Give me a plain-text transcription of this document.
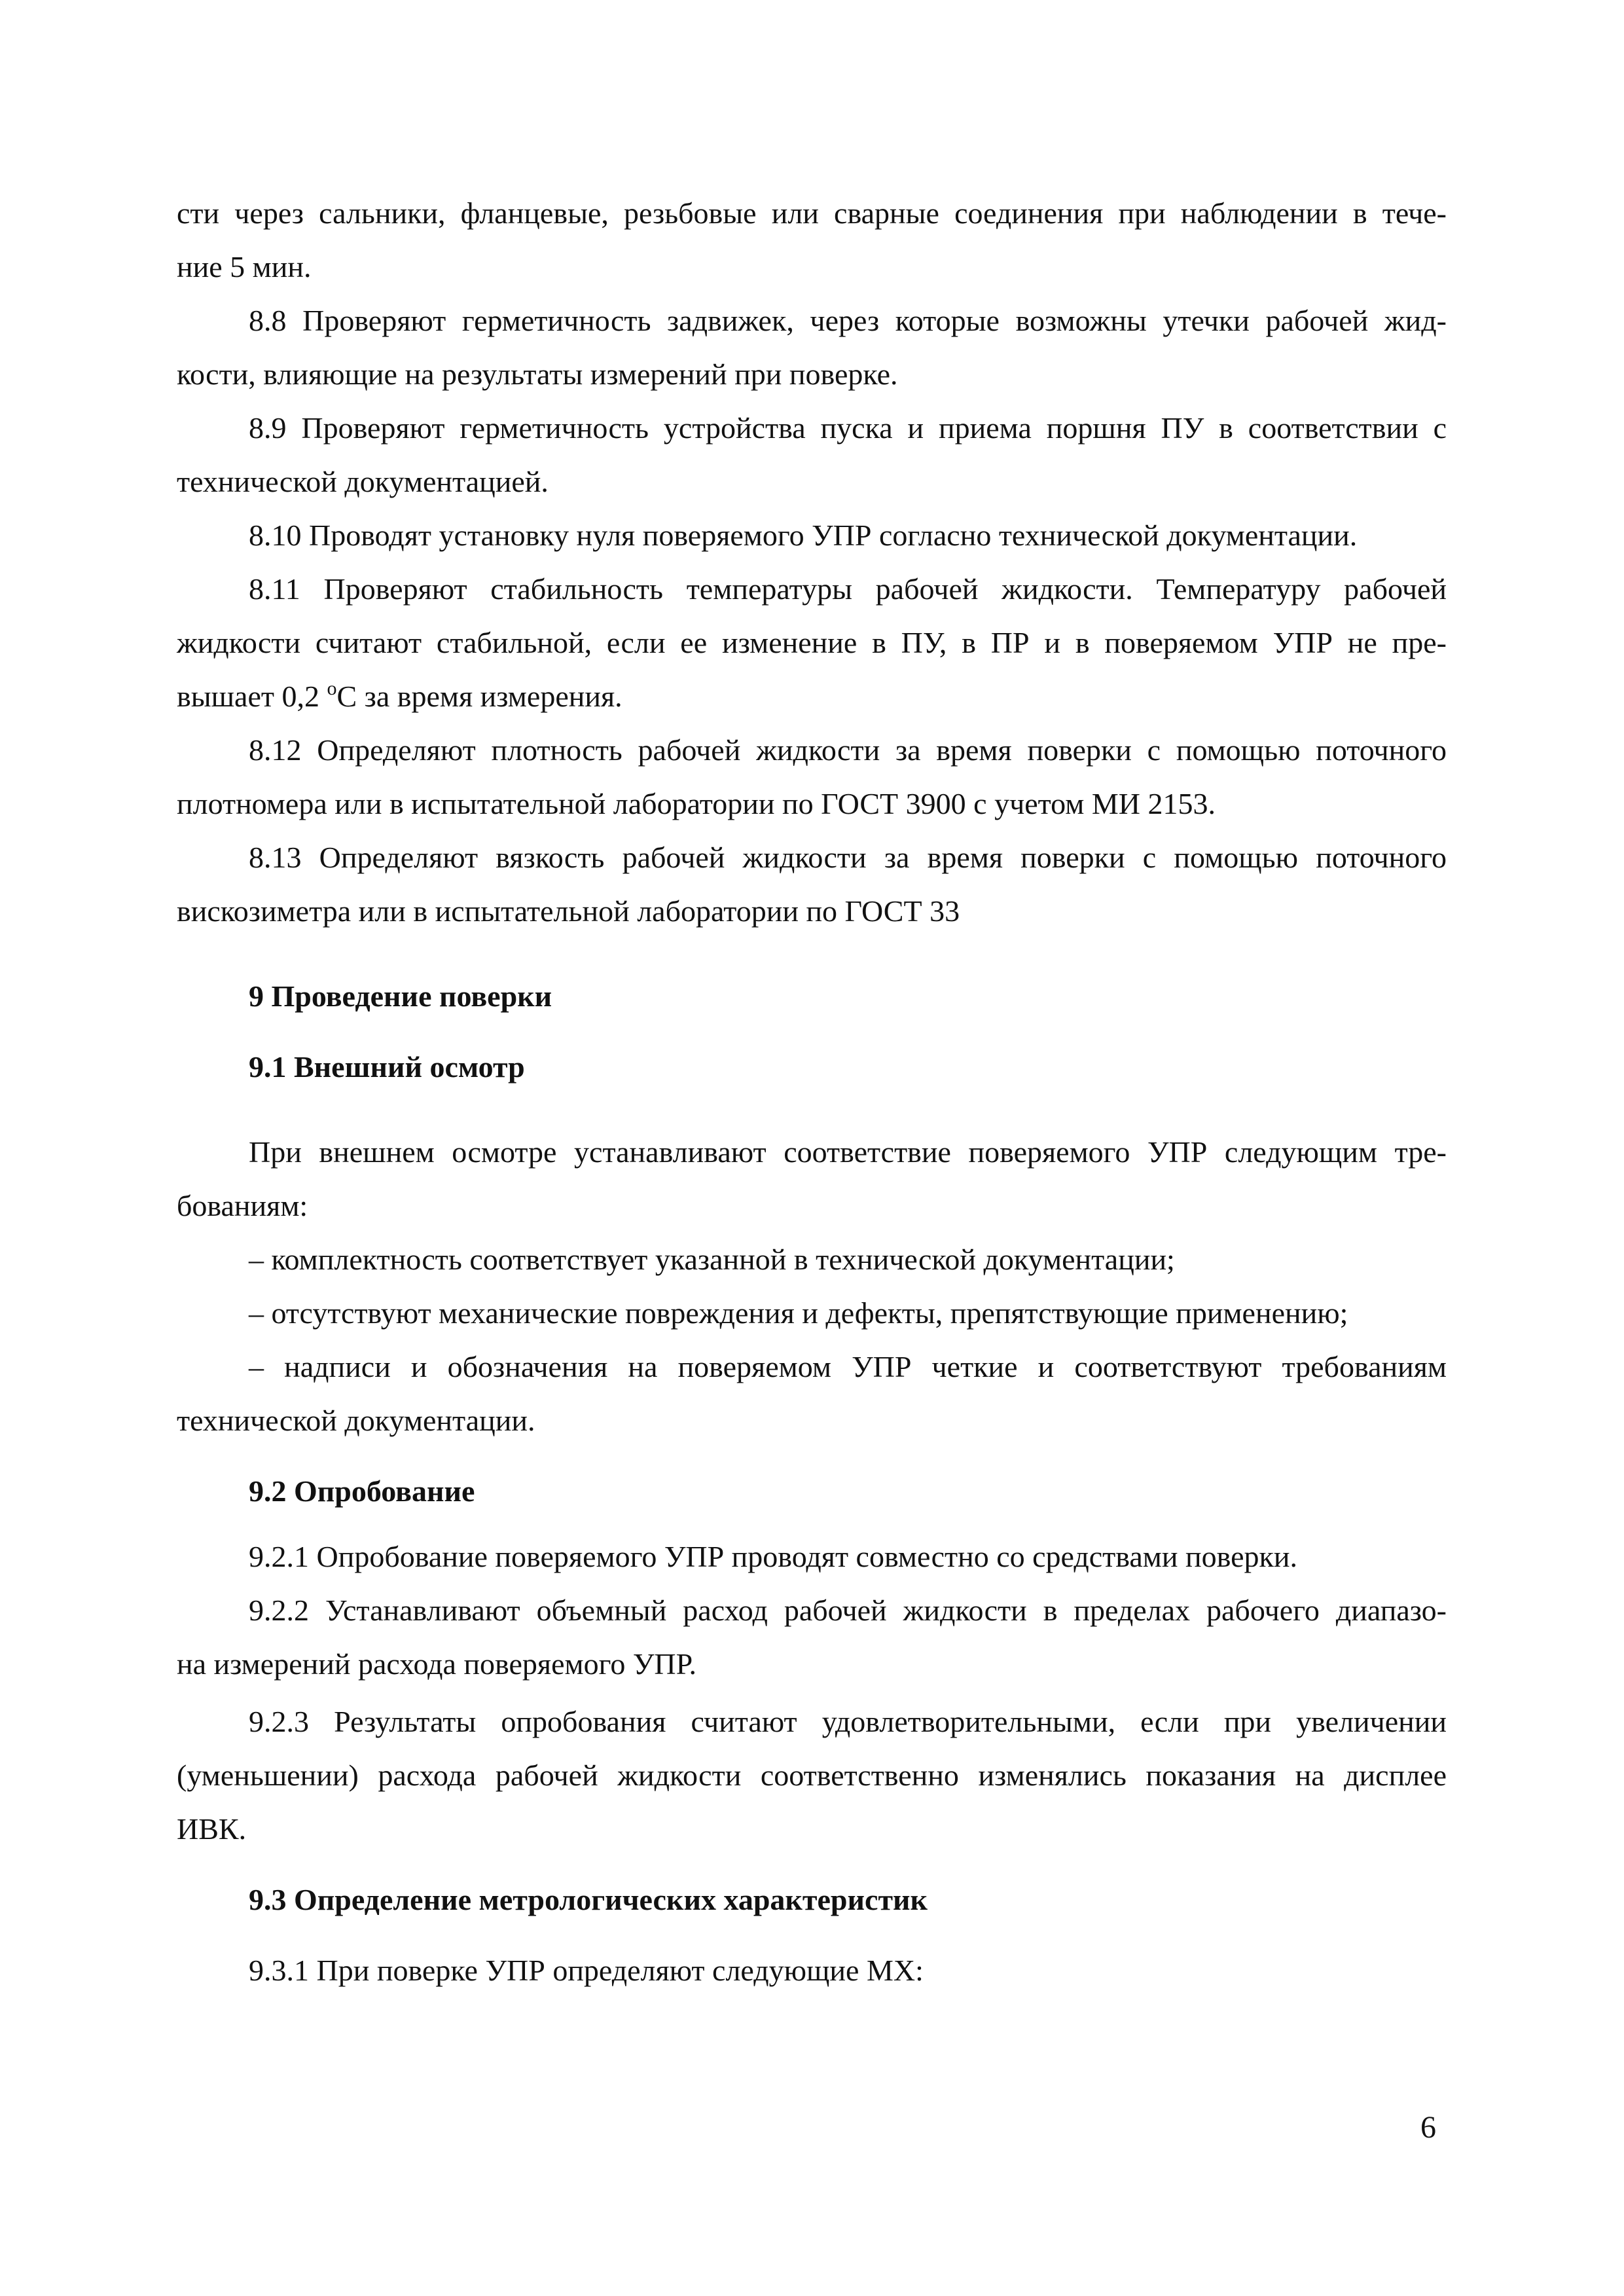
сти через сальники, фланцевые, резьбовые или сварные соединения при наблюдении в тече-
ние 5 мин.
8.8 Проверяют герметичность задвижек, через которые возможны утечки рабочей жид-
кости, влияющие на результаты измерений при поверке.
8.9 Проверяют герметичность устройства пуска и приема поршня ПУ в соответствии с
технической документацией.
8.10 Проводят установку нуля поверяемого УПР согласно технической документации.
8.11 Проверяют стабильность температуры рабочей жидкости. Температуру рабочей
жидкости считают стабильной, если ее изменение в ПУ, в ПР и в поверяемом УПР не пре-
вышает 0,2 $^о$С за время измерения.
8.12 Определяют плотность рабочей жидкости за время поверки с помощью поточного
плотномера или в испытательной лаборатории по ГОСТ 3900 с учетом МИ 2153.
8.13 Определяют вязкость рабочей жидкости за время поверки с помощью поточного
вискозиметра или в испытательной лаборатории по ГОСТ 33
9 Проведение поверки
9.1 Внешний осмотр
При внешнем осмотре устанавливают соответствие поверяемого УПР следующим тре-
бованиям:
– комплектность соответствует указанной в технической документации;
– отсутствуют механические повреждения и дефекты, препятствующие применению;
– надписи и обозначения на поверяемом УПР четкие и соответствуют требованиям
технической документации.
9.2 Опробование
9.2.1 Опробование поверяемого УПР проводят совместно со средствами поверки.
9.2.2 Устанавливают объемный расход рабочей жидкости в пределах рабочего диапазо-
на измерений расхода поверяемого УПР.
9.2.3 Результаты опробования считают удовлетворительными, если при увеличении
(уменьшении) расхода рабочей жидкости соответственно изменялись показания на дисплее
ИВК.
9.3 Определение метрологических характеристик
9.3.1 При поверке УПР определяют следующие МХ:
6
